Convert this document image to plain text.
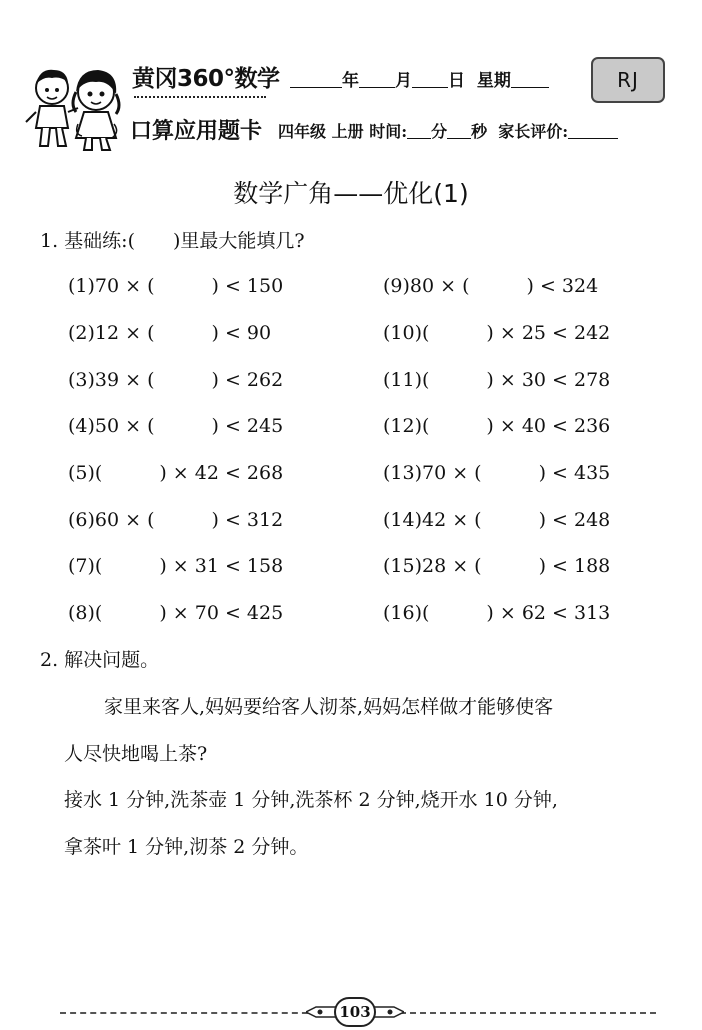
黄冈360°数学	年 月 日 星期	RJ
口算应用题卡 四年级 上册 时间: 分 秒 家长评价:
数学广角——优化(1)
1. 基础练:(　　)里最大能填几?
(1)70 × (　　　) < 150
(2)12 × (　　　) < 90
(3)39 × (　　　) < 262
(4)50 × (　　　) < 245
(5)(　　　) × 42 < 268
(6)60 × (　　　) < 312
(7)(　　　) × 31 < 158
(8)(　　　) × 70 < 425
(9)80 × (　　　) < 324
(10)(　　　) × 25 < 242
(11)(　　　) × 30 < 278
(12)(　　　) × 40 < 236
(13)70 × (　　　) < 435
(14)42 × (　　　) < 248
(15)28 × (　　　) < 188
(16)(　　　) × 62 < 313
2. 解决问题。
家里来客人,妈妈要给客人沏茶,妈妈怎样做才能够使客
人尽快地喝上茶?
接水 1 分钟,洗茶壶 1 分钟,洗茶杯 2 分钟,烧开水 10 分钟,
拿茶叶 1 分钟,沏茶 2 分钟。
103
